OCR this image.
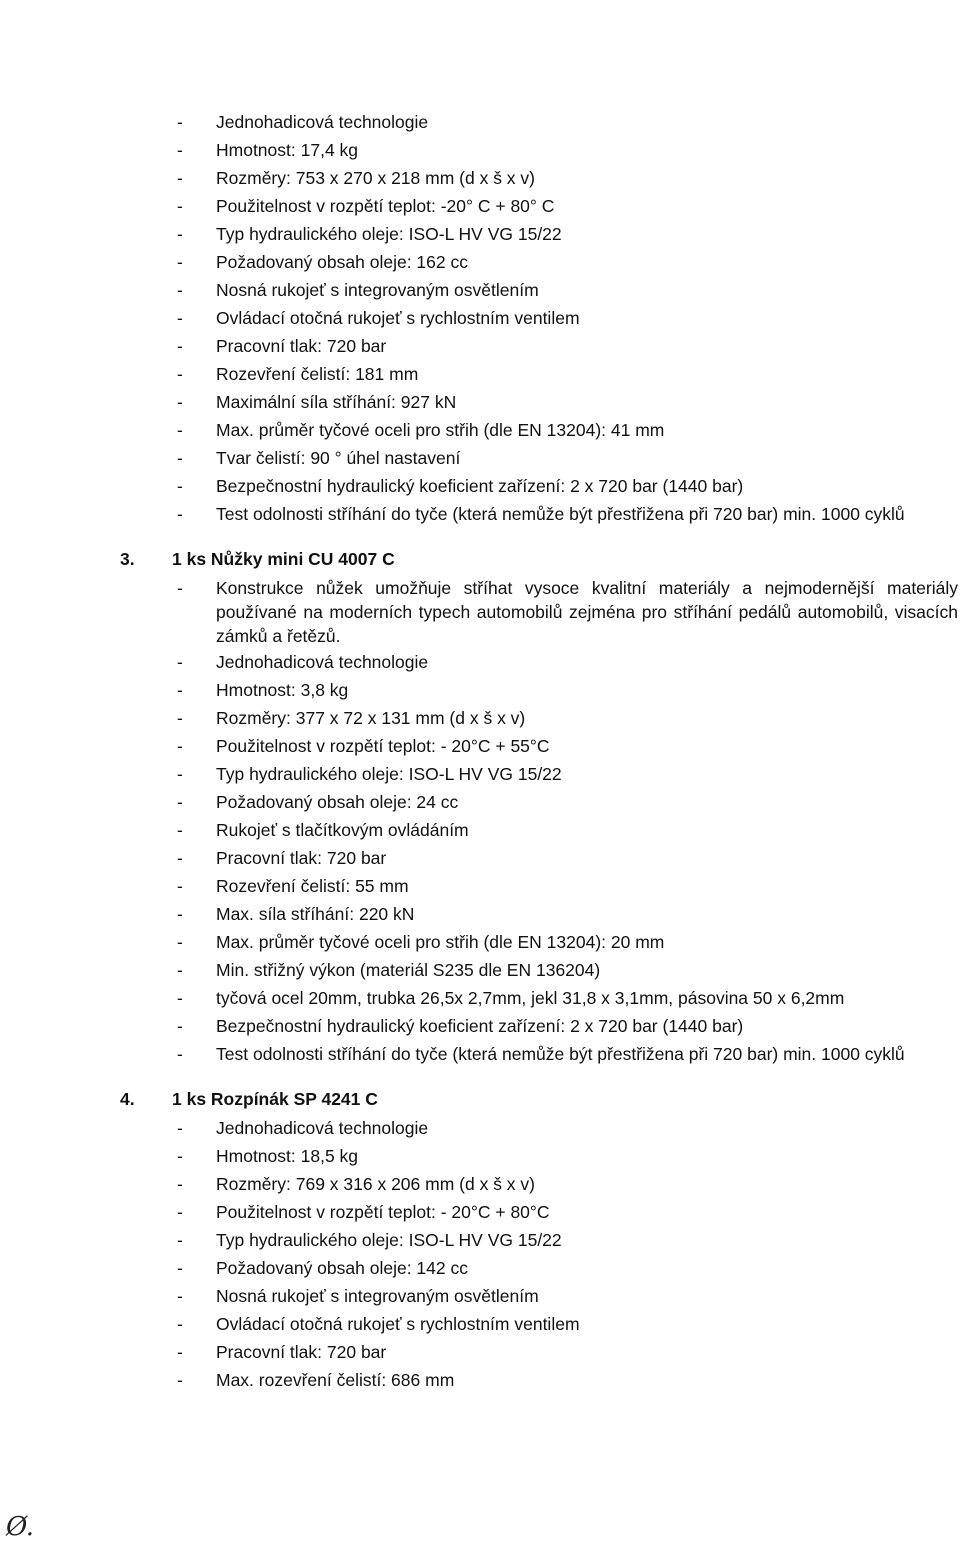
- Jednohadicová technologie
- Hmotnost: 17,4 kg
- Rozměry: 753 x 270 x 218 mm (d x š x v)
- Použitelnost v rozpětí teplot: -20° C + 80° C
- Typ hydraulického oleje: ISO-L HV VG 15/22
- Požadovaný obsah oleje: 162 cc
- Nosná rukojeť s integrovaným osvětlením
- Ovládací otočná rukojeť s rychlostním ventilem
- Pracovní tlak: 720 bar
- Rozevření čelistí: 181 mm
- Maximální síla stříhání: 927 kN
- Max. průměr tyčové oceli pro střih (dle EN 13204): 41 mm
- Tvar čelistí: 90 ° úhel nastavení
- Bezpečnostní hydraulický koeficient zařízení: 2 x 720 bar (1440 bar)
- Test odolnosti stříhání do tyče (která nemůže být přestřižena při 720 bar) min. 1000 cyklů
3. 1 ks Nůžky mini CU 4007 C
- Konstrukce nůžek umožňuje stříhat vysoce kvalitní materiály a nejmodernější materiály používané na moderních typech automobilů zejména pro stříhání pedálů automobilů, visacích zámků a řetězů.
- Jednohadicová technologie
- Hmotnost: 3,8 kg
- Rozměry: 377 x 72 x 131 mm (d x š x v)
- Použitelnost v rozpětí teplot: - 20°C + 55°C
- Typ hydraulického oleje: ISO-L HV VG 15/22
- Požadovaný obsah oleje: 24 cc
- Rukojeť s tlačítkovým ovládáním
- Pracovní tlak: 720 bar
- Rozevření čelistí: 55 mm
- Max. síla stříhání: 220 kN
- Max. průměr tyčové oceli pro střih (dle EN 13204): 20 mm
- Min. střižný výkon (materiál S235 dle EN 136204)
- tyčová ocel 20mm, trubka 26,5x 2,7mm, jekl 31,8 x 3,1mm, pásovina 50 x 6,2mm
- Bezpečnostní hydraulický koeficient zařízení: 2 x 720 bar (1440 bar)
- Test odolnosti stříhání do tyče (která nemůže být přestřižena při 720 bar) min. 1000 cyklů
4. 1 ks Rozpínák SP 4241 C
- Jednohadicová technologie
- Hmotnost: 18,5 kg
- Rozměry: 769 x 316 x 206 mm (d x š x v)
- Použitelnost v rozpětí teplot: - 20°C + 80°C
- Typ hydraulického oleje: ISO-L HV VG 15/22
- Požadovaný obsah oleje: 142 cc
- Nosná rukojeť s integrovaným osvětlením
- Ovládací otočná rukojeť s rychlostním ventilem
- Pracovní tlak: 720 bar
- Max. rozevření čelistí: 686 mm
Ø.
